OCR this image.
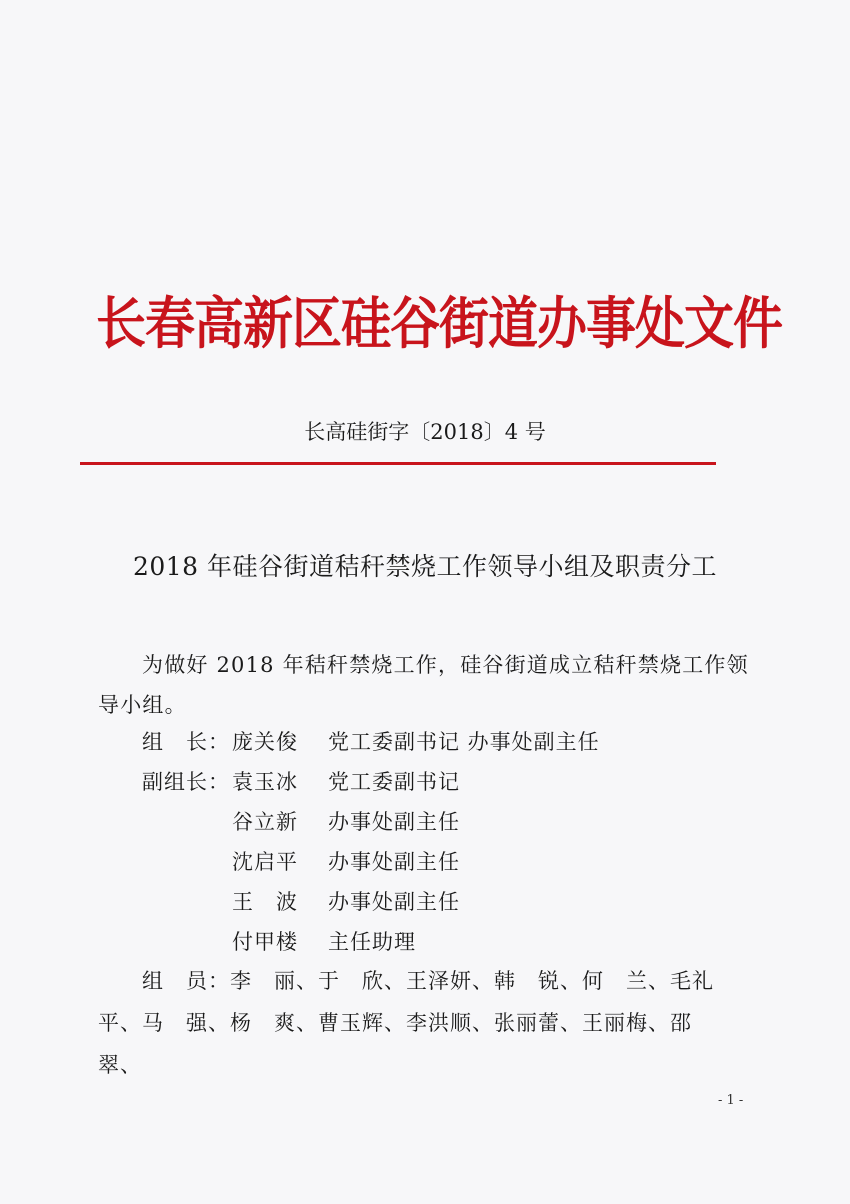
长春高新区硅谷街道办事处文件
长高硅街字〔2018〕4 号
2018 年硅谷街道秸秆禁烧工作领导小组及职责分工
为做好 2018 年秸秆禁烧工作，硅谷街道成立秸秆禁烧工作领
导小组。
组　长： 庞关俊	党工委副书记 办事处副主任
副组长： 袁玉冰	党工委副书记
谷立新	办事处副主任
沈启平	办事处副主任
王　波	办事处副主任
付甲楼	主任助理
组　员：李　丽、于　欣、王泽妍、韩　锐、何　兰、毛礼
平、马　强、杨　爽、曹玉辉、李洪顺、张丽蕾、王丽梅、邵　翠、
- 1 -
